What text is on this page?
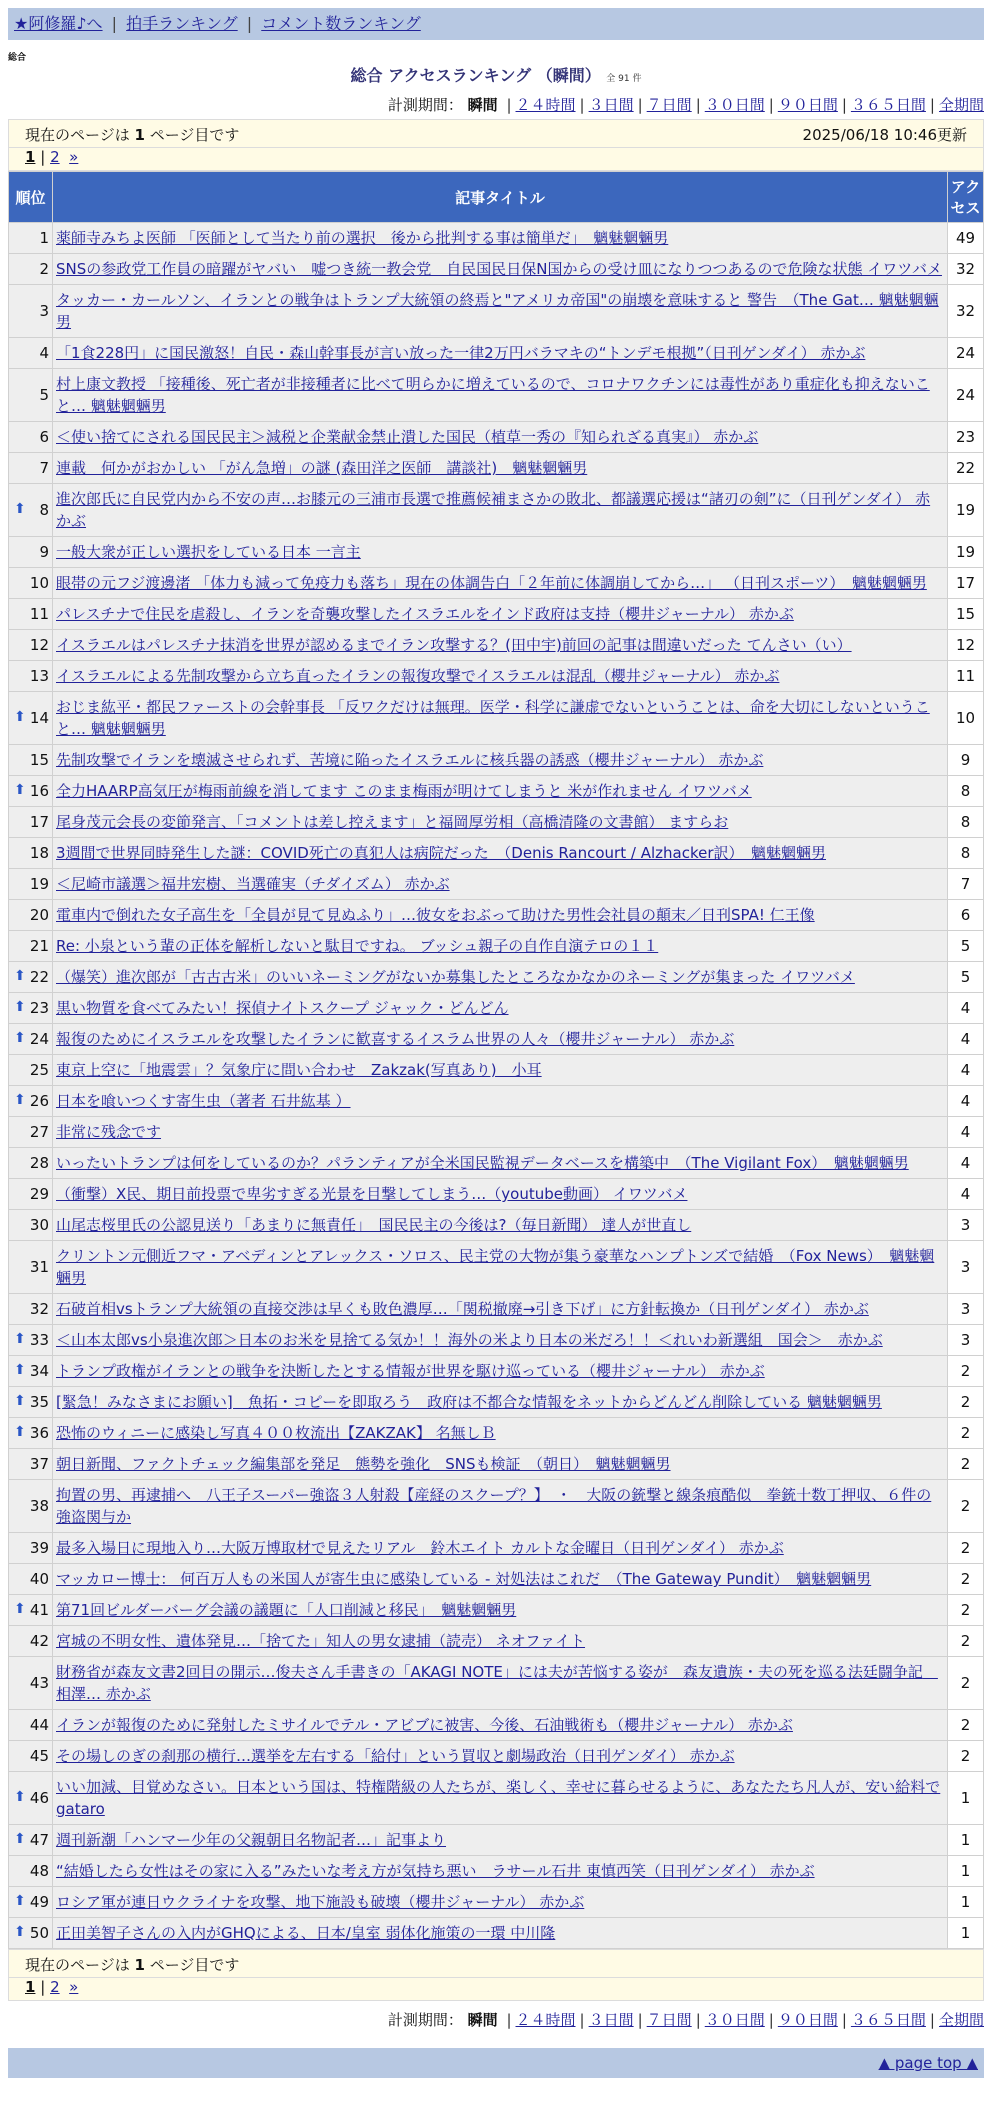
★阿修羅♪へ | 拍手ランキング | コメント数ランキング
総合
総合 アクセスランキング （瞬間） 全 91 件
計測期間： 瞬間 | ２４時間 | ３日間 | ７日間 | ３０日間 | ９０日間 | ３６５日間 | 全期間
現在のページは 1 ページ目です	2025/06/18 10:46更新
1 | 2 »
順位	記事タイトル	アクセス
1	薬師寺みちよ医師 「医師として当たり前の選択　後から批判する事は簡単だ」　魑魅魍魎男	49
2	SNSの参政党工作員の暗躍がヤバい　嘘つき統一教会党　自民国民日保N国からの受け皿になりつつあるので危険な状態 イワツバメ	32
3	タッカー・カールソン、イランとの戦争はトランプ大統領の終焉と"アメリカ帝国"の崩壊を意味すると 警告　（The Gat… 魑魅魍魎男	32
4	「1食228円」に国民激怒！自民・森山幹事長が言い放った一律2万円バラマキの“トンデモ根拠”（日刊ゲンダイ） 赤かぶ	24
5	村上康文教授 「接種後、死亡者が非接種者に比べて明らかに増えているので、コロナワクチンには毒性があり重症化も抑えないこと… 魑魅魍魎男	24
6	＜使い捨てにされる国民民主＞減税と企業献金禁止潰した国民（植草一秀の『知られざる真実』） 赤かぶ	23
7	連載　何かがおかしい 「がん急増」の謎 (森田洋之医師　講談社)　魑魅魍魎男	22

⬆ 8	進次郎氏に自民党内から不安の声…お膝元の三浦市長選で推薦候補まさかの敗北、都議選応援は“諸刃の剣”に（日刊ゲンダイ） 赤かぶ	19
9	一般大衆が正しい選択をしている日本 一言主	19
10	眼帯の元フジ渡邊渚 「体力も減って免疫力も落ち」現在の体調告白「２年前に体調崩してから…」 （日刊スポーツ）　魑魅魍魎男	17
11	パレスチナで住民を虐殺し、イランを奇襲攻撃したイスラエルをインド政府は支持（櫻井ジャーナル） 赤かぶ	15
12	イスラエルはパレスチナ抹消を世界が認めるまでイラン攻撃する？(田中宇)前回の記事は間違いだった てんさい（い）	12
13	イスラエルによる先制攻撃から立ち直ったイランの報復攻撃でイスラエルは混乱（櫻井ジャーナル） 赤かぶ	11

⬆ 14	おじま紘平・都民ファーストの会幹事長 「反ワクだけは無理。医学・科学に謙虚でないということは、命を大切にしないということ… 魑魅魍魎男	10
15	先制攻撃でイランを壊滅させられず、苦境に陥ったイスラエルに核兵器の誘惑（櫻井ジャーナル） 赤かぶ	9

⬆ 16	全力HAARP高気圧が梅雨前線を消してます このまま梅雨が明けてしまうと 米が作れません イワツバメ	8
17	尾身茂元会長の変節発言、「コメントは差し控えます」と福岡厚労相（高橋清隆の文書館） ますらお	8
18	3週間で世界同時発生した謎：COVID死亡の真犯人は病院だった　（Denis Rancourt / Alzhacker訳）　魑魅魍魎男	8
19	＜尼崎市議選＞福井宏樹、当選確実（チダイズム） 赤かぶ	7
20	電車内で倒れた女子高生を「全員が見て見ぬふり」…彼女をおぶって助けた男性会社員の顛末／日刊SPA! 仁王像	6
21	Re: 小泉という輩の正体を解析しないと駄目ですね。 ブッシュ親子の自作自演テロの１１	5

⬆ 22	（爆笑）進次郎が「古古古米」のいいネーミングがないか募集したところなかなかのネーミングが集まった イワツバメ	5

⬆ 23	黒い物質を食べてみたい！探偵ナイトスクープ ジャック・どんどん	4

⬆ 24	報復のためにイスラエルを攻撃したイランに歓喜するイスラム世界の人々（櫻井ジャーナル） 赤かぶ	4
25	東京上空に「地震雲」？気象庁に問い合わせ　Zakzak(写真あり)　小耳	4

⬆ 26	日本を喰いつくす寄生虫（著者 石井紘基 ）	4
27	非常に残念です	4
28	いったいトランプは何をしているのか？パランティアが全米国民監視データベースを構築中　（The Vigilant Fox）　魑魅魍魎男	4
29	（衝撃）X民、期日前投票で卑劣すぎる光景を目撃してしまう…（youtube動画） イワツバメ	4
30	山尾志桜里氏の公認見送り「あまりに無責任」　国民民主の今後は?（毎日新聞） 達人が世直し	3
31	クリントン元側近フマ・アベディンとアレックス・ソロス、民主党の大物が集う豪華なハンプトンズで結婚　（Fox News）　魑魅魍魎男	3
32	石破首相vsトランプ大統領の直接交渉は早くも敗色濃厚…「関税撤廃→引き下げ」に方針転換か（日刊ゲンダイ） 赤かぶ	3

⬆ 33	＜山本太郎vs小泉進次郎＞日本のお米を見捨てる気か！！海外の米より日本の米だろ！！＜れいわ新選組　国会＞　赤かぶ	3

⬆ 34	トランプ政権がイランとの戦争を決断したとする情報が世界を駆け巡っている（櫻井ジャーナル） 赤かぶ	2

⬆ 35	[緊急！みなさまにお願い]　魚拓・コピーを即取ろう　政府は不都合な情報をネットからどんどん削除している 魑魅魍魎男	2

⬆ 36	恐怖のウィニーに感染し写真４００枚流出【ZAKZAK】 名無しＢ	2
37	朝日新聞、ファクトチェック編集部を発足　態勢を強化　SNSも検証　（朝日）　魑魅魍魎男	2
38	拘置の男、再逮捕へ　八王子スーパー強盗３人射殺【産経のスクープ？】　・　大阪の銃撃と線条痕酷似　拳銃十数丁押収、６件の強盗関与か	2
39	最多入場日に現地入り…大阪万博取材で見えたリアル　鈴木エイト カルトな金曜日（日刊ゲンダイ） 赤かぶ	2
40	マッカロー博士： 何百万人もの米国人が寄生虫に感染している - 対処法はこれだ　（The Gateway Pundit）　魑魅魍魎男	2

⬆ 41	第71回ビルダーバーグ会議の議題に「人口削減と移民」　魑魅魍魎男	2
42	宮城の不明女性、遺体発見…「捨てた」知人の男女逮捕（読売） ネオファイト	2
43	財務省が森友文書2回目の開示…俊夫さん手書きの「AKAGI NOTE」には夫が苦悩する姿が　森友遺族・夫の死を巡る法廷闘争記　相澤… 赤かぶ	2
44	イランが報復のために発射したミサイルでテル・アビブに被害、今後、石油戦術も（櫻井ジャーナル） 赤かぶ	2
45	その場しのぎの刹那の横行…選挙を左右する「給付」という買収と劇場政治（日刊ゲンダイ） 赤かぶ	2

⬆ 46	いい加減、目覚めなさい。日本という国は、特権階級の人たちが、楽しく、幸せに暮らせるように、あなたたち凡人が、安い給料で gataro	1

⬆ 47	週刊新潮「ハンマー少年の父親朝日名物記者…」記事より	1
48	“結婚したら女性はその家に入る”みたいな考え方が気持ち悪い　ラサール石井 東慎西笑（日刊ゲンダイ） 赤かぶ	1

⬆ 49	ロシア軍が連日ウクライナを攻撃、地下施設も破壊（櫻井ジャーナル） 赤かぶ	1

⬆ 50	正田美智子さんの入内がGHQによる、日本/皇室 弱体化施策の一環 中川隆	1
現在のページは 1 ページ目です
1 | 2 »
計測期間： 瞬間 | ２４時間 | ３日間 | ７日間 | ３０日間 | ９０日間 | ３６５日間 | 全期間
▲ page top ▲
